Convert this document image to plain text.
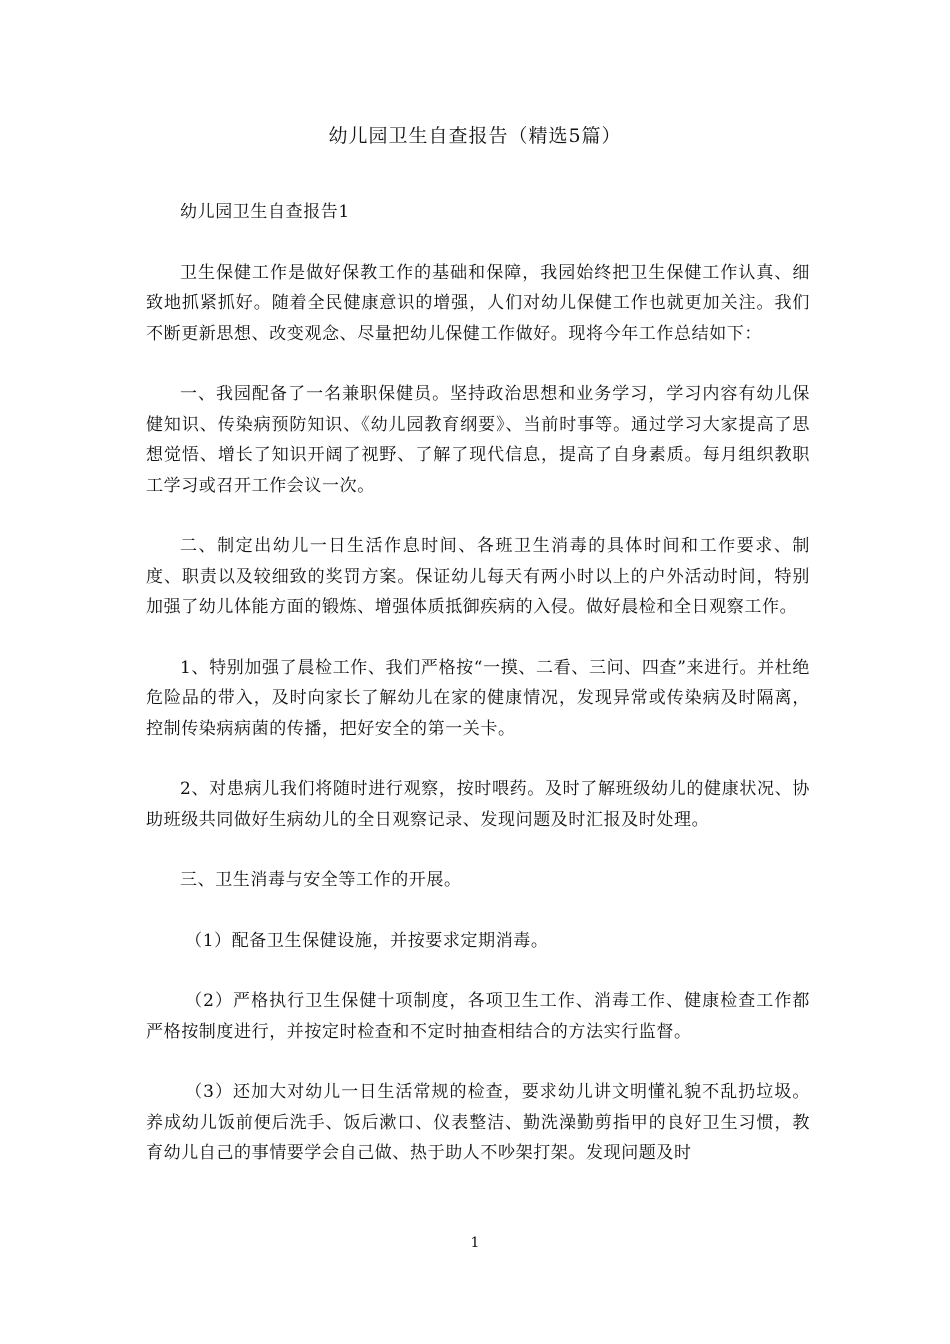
幼儿园卫生自查报告（精选5篇）

幼儿园卫生自查报告1

卫生保健工作是做好保教工作的基础和保障，我园始终把卫生保健工作认真、细致地抓紧抓好。随着全民健康意识的增强，人们对幼儿保健工作也就更加关注。我们不断更新思想、改变观念、尽量把幼儿保健工作做好。现将今年工作总结如下：

一、我园配备了一名兼职保健员。坚持政治思想和业务学习，学习内容有幼儿保健知识、传染病预防知识、《幼儿园教育纲要》、当前时事等。通过学习大家提高了思想觉悟、增长了知识开阔了视野、了解了现代信息，提高了自身素质。每月组织教职工学习或召开工作会议一次。

二、制定出幼儿一日生活作息时间、各班卫生消毒的具体时间和工作要求、制度、职责以及较细致的奖罚方案。保证幼儿每天有两小时以上的户外活动时间，特别加强了幼儿体能方面的锻炼、增强体质抵御疾病的入侵。做好晨检和全日观察工作。

1、特别加强了晨检工作、我们严格按“一摸、二看、三问、四查”来进行。并杜绝危险品的带入，及时向家长了解幼儿在家的健康情况，发现异常或传染病及时隔离，控制传染病病菌的传播，把好安全的第一关卡。

2、对患病儿我们将随时进行观察，按时喂药。及时了解班级幼儿的健康状况、协助班级共同做好生病幼儿的全日观察记录、发现问题及时汇报及时处理。

三、卫生消毒与安全等工作的开展。

（1）配备卫生保健设施，并按要求定期消毒。

（2）严格执行卫生保健十项制度，各项卫生工作、消毒工作、健康检查工作都严格按制度进行，并按定时检查和不定时抽查相结合的方法实行监督。

（3）还加大对幼儿一日生活常规的检查，要求幼儿讲文明懂礼貌不乱扔垃圾。养成幼儿饭前便后洗手、饭后漱口、仪表整洁、勤洗澡勤剪指甲的良好卫生习惯，教育幼儿自己的事情要学会自己做、热于助人不吵架打架。发现问题及时

1
